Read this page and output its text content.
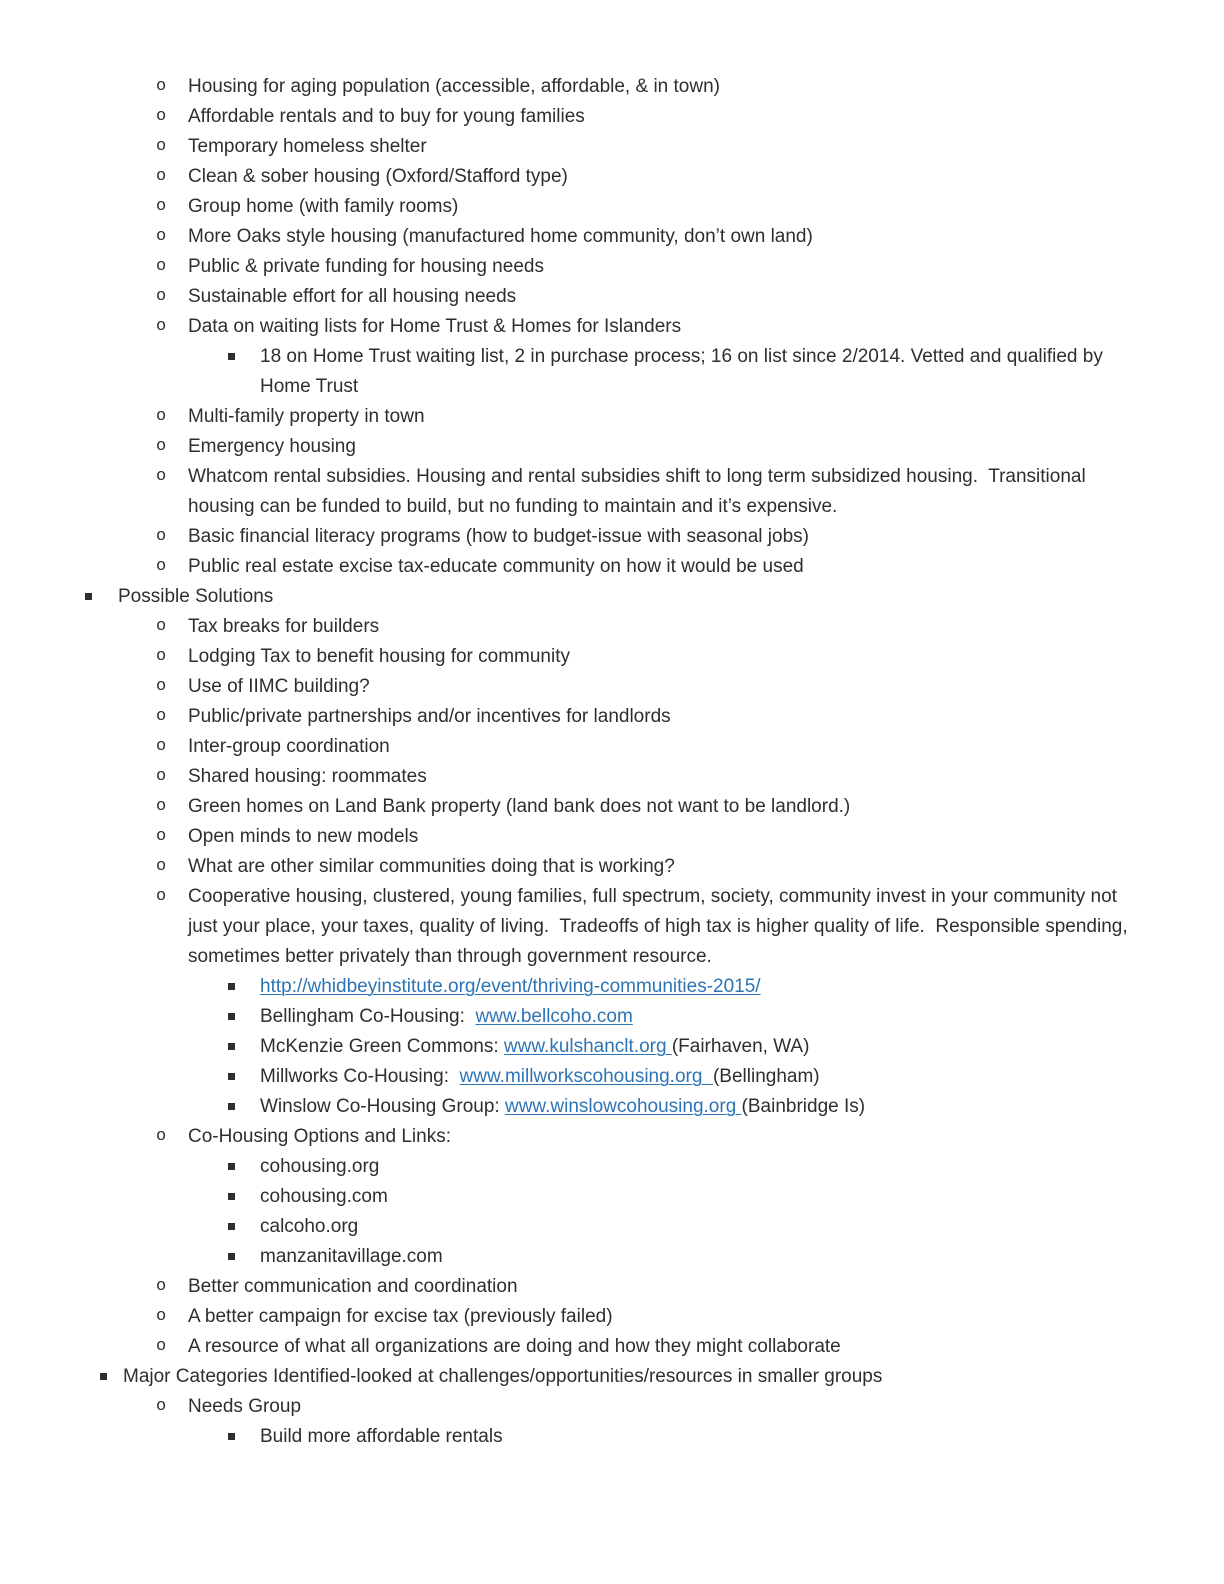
o Housing for aging population (accessible, affordable, & in town)
o Affordable rentals and to buy for young families
o Temporary homeless shelter
o Clean & sober housing (Oxford/Stafford type)
o Group home (with family rooms)
o More Oaks style housing (manufactured home community, don’t own land)
o Public & private funding for housing needs
o Sustainable effort for all housing needs
o Data on waiting lists for Home Trust & Homes for Islanders
18 on Home Trust waiting list, 2 in purchase process; 16 on list since 2/2014. Vetted and qualified by Home Trust
o Multi-family property in town
o Emergency housing
o Whatcom rental subsidies. Housing and rental subsidies shift to long term subsidized housing.  Transitional housing can be funded to build, but no funding to maintain and it’s expensive.
o Basic financial literacy programs (how to budget-issue with seasonal jobs)
o Public real estate excise tax-educate community on how it would be used
Possible Solutions
o Tax breaks for builders
o Lodging Tax to benefit housing for community
o Use of IIMC building?
o Public/private partnerships and/or incentives for landlords
o Inter-group coordination
o Shared housing: roommates
o Green homes on Land Bank property (land bank does not want to be landlord.)
o Open minds to new models
o What are other similar communities doing that is working?
o Cooperative housing, clustered, young families, full spectrum, society, community invest in your community not just your place, your taxes, quality of living.  Tradeoffs of high tax is higher quality of life.  Responsible spending, sometimes better privately than through government resource.
http://whidbeyinstitute.org/event/thriving-communities-2015/
Bellingham Co-Housing:  www.bellcoho.com
McKenzie Green Commons: www.kulshanclt.org (Fairhaven, WA)
Millworks Co-Housing:  www.millworkscohousing.org  (Bellingham)
Winslow Co-Housing Group: www.winslowcohousing.org (Bainbridge Is)
o Co-Housing Options and Links:
cohousing.org
cohousing.com
calcoho.org
manzanitavillage.com
o Better communication and coordination
o A better campaign for excise tax (previously failed)
o A resource of what all organizations are doing and how they might collaborate
Major Categories Identified-looked at challenges/opportunities/resources in smaller groups
o Needs Group
Build more affordable rentals
